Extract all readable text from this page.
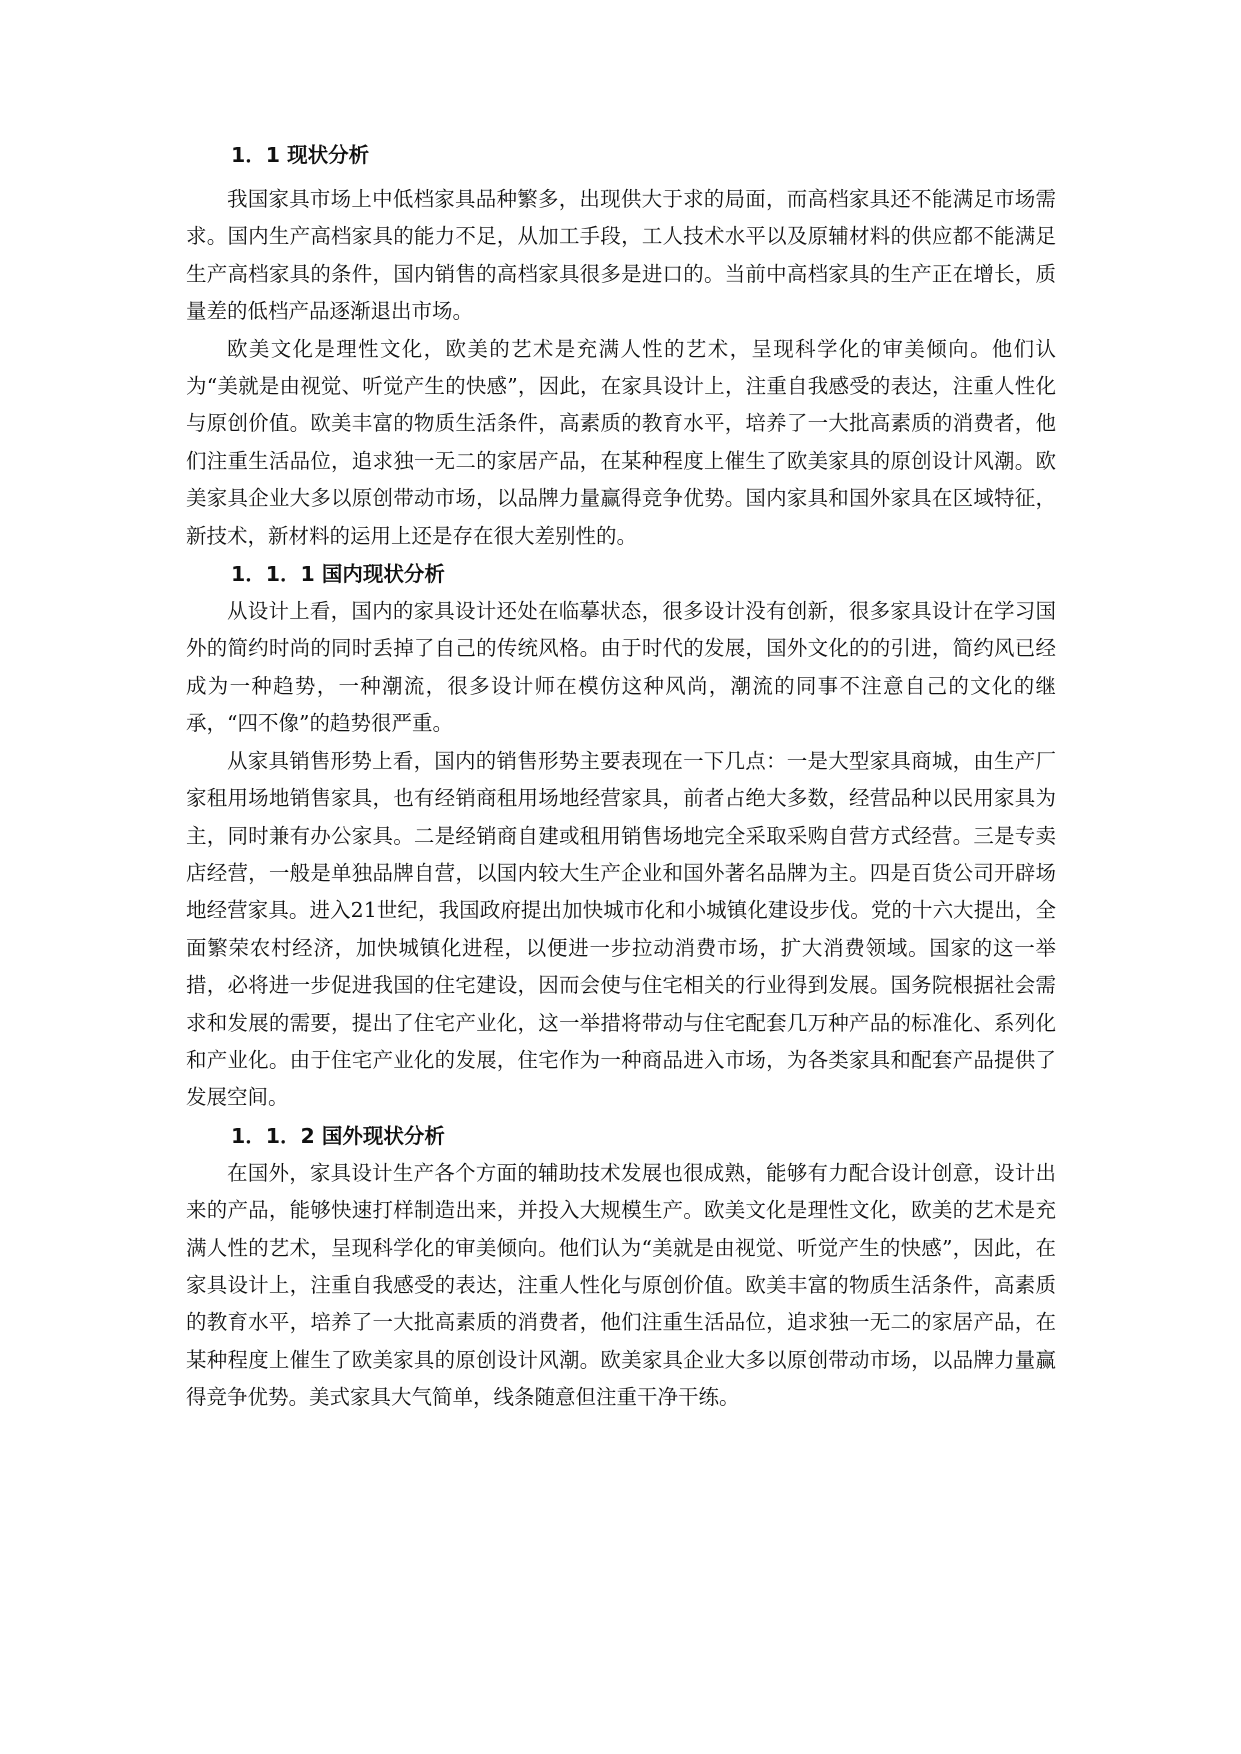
1．1 现状分析

我国家具市场上中低档家具品种繁多，出现供大于求的局面，而高档家具还不能满足市场需求。国内生产高档家具的能力不足，从加工手段，工人技术水平以及原辅材料的供应都不能满足生产高档家具的条件，国内销售的高档家具很多是进口的。当前中高档家具的生产正在增长，质量差的低档产品逐渐退出市场。

欧美文化是理性文化，欧美的艺术是充满人性的艺术，呈现科学化的审美倾向。他们认为“美就是由视觉、听觉产生的快感”，因此，在家具设计上，注重自我感受的表达，注重人性化与原创价值。欧美丰富的物质生活条件，高素质的教育水平，培养了一大批高素质的消费者，他们注重生活品位，追求独一无二的家居产品，在某种程度上催生了欧美家具的原创设计风潮。欧美家具企业大多以原创带动市场，以品牌力量赢得竞争优势。国内家具和国外家具在区域特征，新技术，新材料的运用上还是存在很大差别性的。

1．1．1 国内现状分析

从设计上看，国内的家具设计还处在临摹状态，很多设计没有创新，很多家具设计在学习国外的简约时尚的同时丢掉了自己的传统风格。由于时代的发展，国外文化的的引进，简约风已经成为一种趋势，一种潮流，很多设计师在模仿这种风尚，潮流的同事不注意自己的文化的继承，“四不像”的趋势很严重。

从家具销售形势上看，国内的销售形势主要表现在一下几点：一是大型家具商城，由生产厂家租用场地销售家具，也有经销商租用场地经营家具，前者占绝大多数，经营品种以民用家具为主，同时兼有办公家具。二是经销商自建或租用销售场地完全采取采购自营方式经营。三是专卖店经营，一般是单独品牌自营，以国内较大生产企业和国外著名品牌为主。四是百货公司开辟场地经营家具。进入21世纪，我国政府提出加快城市化和小城镇化建设步伐。党的十六大提出，全面繁荣农村经济，加快城镇化进程，以便进一步拉动消费市场，扩大消费领域。国家的这一举措，必将进一步促进我国的住宅建设，因而会使与住宅相关的行业得到发展。国务院根据社会需求和发展的需要，提出了住宅产业化，这一举措将带动与住宅配套几万种产品的标准化、系列化和产业化。由于住宅产业化的发展，住宅作为一种商品进入市场，为各类家具和配套产品提供了发展空间。

1．1．2 国外现状分析

在国外，家具设计生产各个方面的辅助技术发展也很成熟，能够有力配合设计创意，设计出来的产品，能够快速打样制造出来，并投入大规模生产。欧美文化是理性文化，欧美的艺术是充满人性的艺术，呈现科学化的审美倾向。他们认为“美就是由视觉、听觉产生的快感”，因此，在家具设计上，注重自我感受的表达，注重人性化与原创价值。欧美丰富的物质生活条件，高素质的教育水平，培养了一大批高素质的消费者，他们注重生活品位，追求独一无二的家居产品，在某种程度上催生了欧美家具的原创设计风潮。欧美家具企业大多以原创带动市场，以品牌力量赢得竞争优势。美式家具大气简单，线条随意但注重干净干练。
